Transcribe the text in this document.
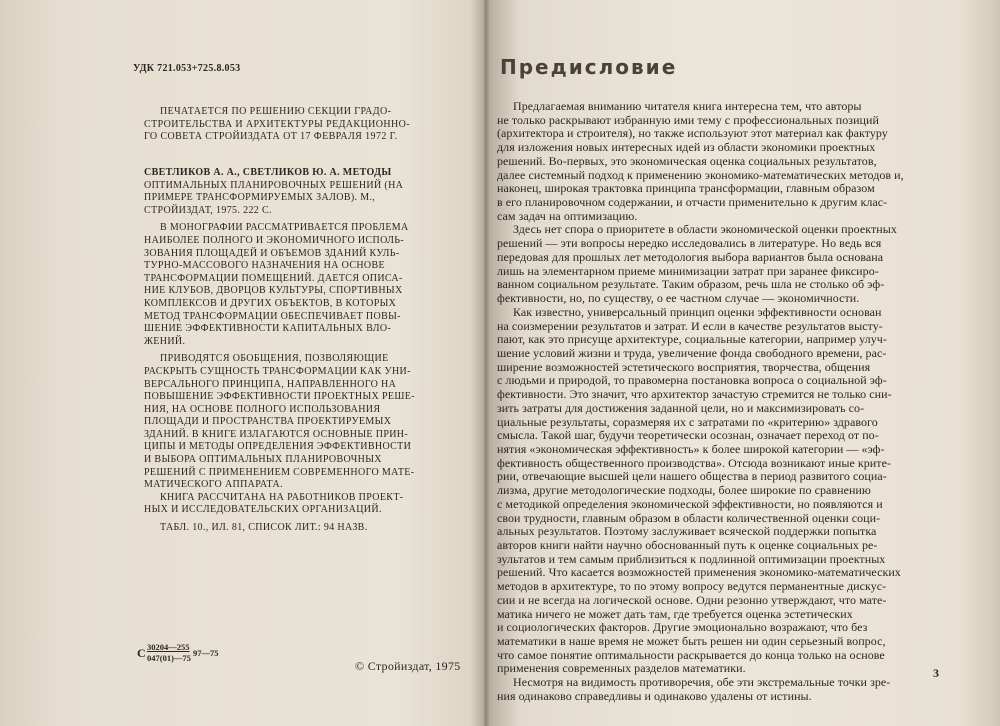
УДК 721.053+725.8.053
ПЕЧАТАЕТСЯ ПО РЕШЕНИЮ СЕКЦИИ ГРАДО-
СТРОИТЕЛЬСТВА И АРХИТЕКТУРЫ РЕДАКЦИОННО-
ГО СОВЕТА СТРОЙИЗДАТА ОТ 17 ФЕВРАЛЯ 1972 Г.
СВЕТЛИКОВ А. А., СВЕТЛИКОВ Ю. А. МЕТОДЫ
ОПТИМАЛЬНЫХ ПЛАНИРОВОЧНЫХ РЕШЕНИЙ (НА
ПРИМЕРЕ ТРАНСФОРМИРУЕМЫХ ЗАЛОВ). М.,
СТРОЙИЗДАТ, 1975. 222 С.
В МОНОГРАФИИ РАССМАТРИВАЕТСЯ ПРОБЛЕМА
НАИБОЛЕЕ ПОЛНОГО И ЭКОНОМИЧНОГО ИСПОЛЬ-
ЗОВАНИЯ ПЛОЩАДЕЙ И ОБЪЕМОВ ЗДАНИЙ КУЛЬ-
ТУРНО-МАССОВОГО НАЗНАЧЕНИЯ НА ОСНОВЕ
ТРАНСФОРМАЦИИ ПОМЕЩЕНИЙ. ДАЕТСЯ ОПИСА-
НИЕ КЛУБОВ, ДВОРЦОВ КУЛЬТУРЫ, СПОРТИВНЫХ
КОМПЛЕКСОВ И ДРУГИХ ОБЪЕКТОВ, В КОТОРЫХ
МЕТОД ТРАНСФОРМАЦИИ ОБЕСПЕЧИВАЕТ ПОВЫ-
ШЕНИЕ ЭФФЕКТИВНОСТИ КАПИТАЛЬНЫХ ВЛО-
ЖЕНИЙ.
ПРИВОДЯТСЯ ОБОБЩЕНИЯ, ПОЗВОЛЯЮЩИЕ
РАСКРЫТЬ СУЩНОСТЬ ТРАНСФОРМАЦИИ КАК УНИ-
ВЕРСАЛЬНОГО ПРИНЦИПА, НАПРАВЛЕННОГО НА
ПОВЫШЕНИЕ ЭФФЕКТИВНОСТИ ПРОЕКТНЫХ РЕШЕ-
НИЯ, НА ОСНОВЕ ПОЛНОГО ИСПОЛЬЗОВАНИЯ
ПЛОЩАДИ И ПРОСТРАНСТВА ПРОЕКТИРУЕМЫХ
ЗДАНИЙ. В КНИГЕ ИЗЛАГАЮТСЯ ОСНОВНЫЕ ПРИН-
ЦИПЫ И МЕТОДЫ ОПРЕДЕЛЕНИЯ ЭФФЕКТИВНОСТИ
И ВЫБОРА ОПТИМАЛЬНЫХ ПЛАНИРОВОЧНЫХ
РЕШЕНИЙ С ПРИМЕНЕНИЕМ СОВРЕМЕННОГО МАТЕ-
МАТИЧЕСКОГО АППАРАТА.
КНИГА РАССЧИТАНА НА РАБОТНИКОВ ПРОЕКТ-
НЫХ И ИССЛЕДОВАТЕЛЬСКИХ ОРГАНИЗАЦИЙ.
ТАБЛ. 10., ИЛ. 81, СПИСОК ЛИТ.: 94 НАЗВ.
С 30204—255
047(01)—75 97—75
© Стройиздат, 1975
Предисловие
Предлагаемая вниманию читателя книга интересна тем, что авторы
не только раскрывают избранную ими тему с профессиональных позиций
(архитектора и строителя), но также используют этот материал как фактуру
для изложения новых интересных идей из области экономики проектных
решений. Во-первых, это экономическая оценка социальных результатов,
далее системный подход к применению экономико-математических методов и,
наконец, широкая трактовка принципа трансформации, главным образом
в его планировочном содержании, и отчасти применительно к другим клас-
сам задач на оптимизацию.
Здесь нет спора о приоритете в области экономической оценки проектных
решений — эти вопросы нередко исследовались в литературе. Но ведь вся
передовая для прошлых лет методология выбора вариантов была основана
лишь на элементарном приеме минимизации затрат при заранее фиксиро-
ванном социальном результате. Таким образом, речь шла не столько об эф-
фективности, но, по существу, о ее частном случае — экономичности.
Как известно, универсальный принцип оценки эффективности основан
на соизмерении результатов и затрат. И если в качестве результатов высту-
пают, как это присуще архитектуре, социальные категории, например улуч-
шение условий жизни и труда, увеличение фонда свободного времени, рас-
ширение возможностей эстетического восприятия, творчества, общения
с людьми и природой, то правомерна постановка вопроса о социальной эф-
фективности. Это значит, что архитектор зачастую стремится не только сни-
зить затраты для достижения заданной цели, но и максимизировать со-
циальные результаты, соразмеряя их с затратами по «критерию» здравого
смысла. Такой шаг, будучи теоретически осознан, означает переход от по-
нятия «экономическая эффективность» к более широкой категории — «эф-
фективность общественного производства». Отсюда возникают иные крите-
рии, отвечающие высшей цели нашего общества в период развитого социа-
лизма, другие методологические подходы, более широкие по сравнению
с методикой определения экономической эффективности, но появляются и
свои трудности, главным образом в области количественной оценки соци-
альных результатов. Поэтому заслуживает всяческой поддержки попытка
авторов книги найти научно обоснованный путь к оценке социальных ре-
зультатов и тем самым приблизиться к подлинной оптимизации проектных
решений. Что касается возможностей применения экономико-математических
методов в архитектуре, то по этому вопросу ведутся перманентные дискус-
сии и не всегда на логической основе. Одни резонно утверждают, что мате-
матика ничего не может дать там, где требуется оценка эстетических
и социологических факторов. Другие эмоционально возражают, что без
математики в наше время не может быть решен ни один серьезный вопрос,
что самое понятие оптимальности раскрывается до конца только на основе
применения современных разделов математики.
Несмотря на видимость противоречия, обе эти экстремальные точки зре-
ния одинаково справедливы и одинаково удалены от истины.
3
